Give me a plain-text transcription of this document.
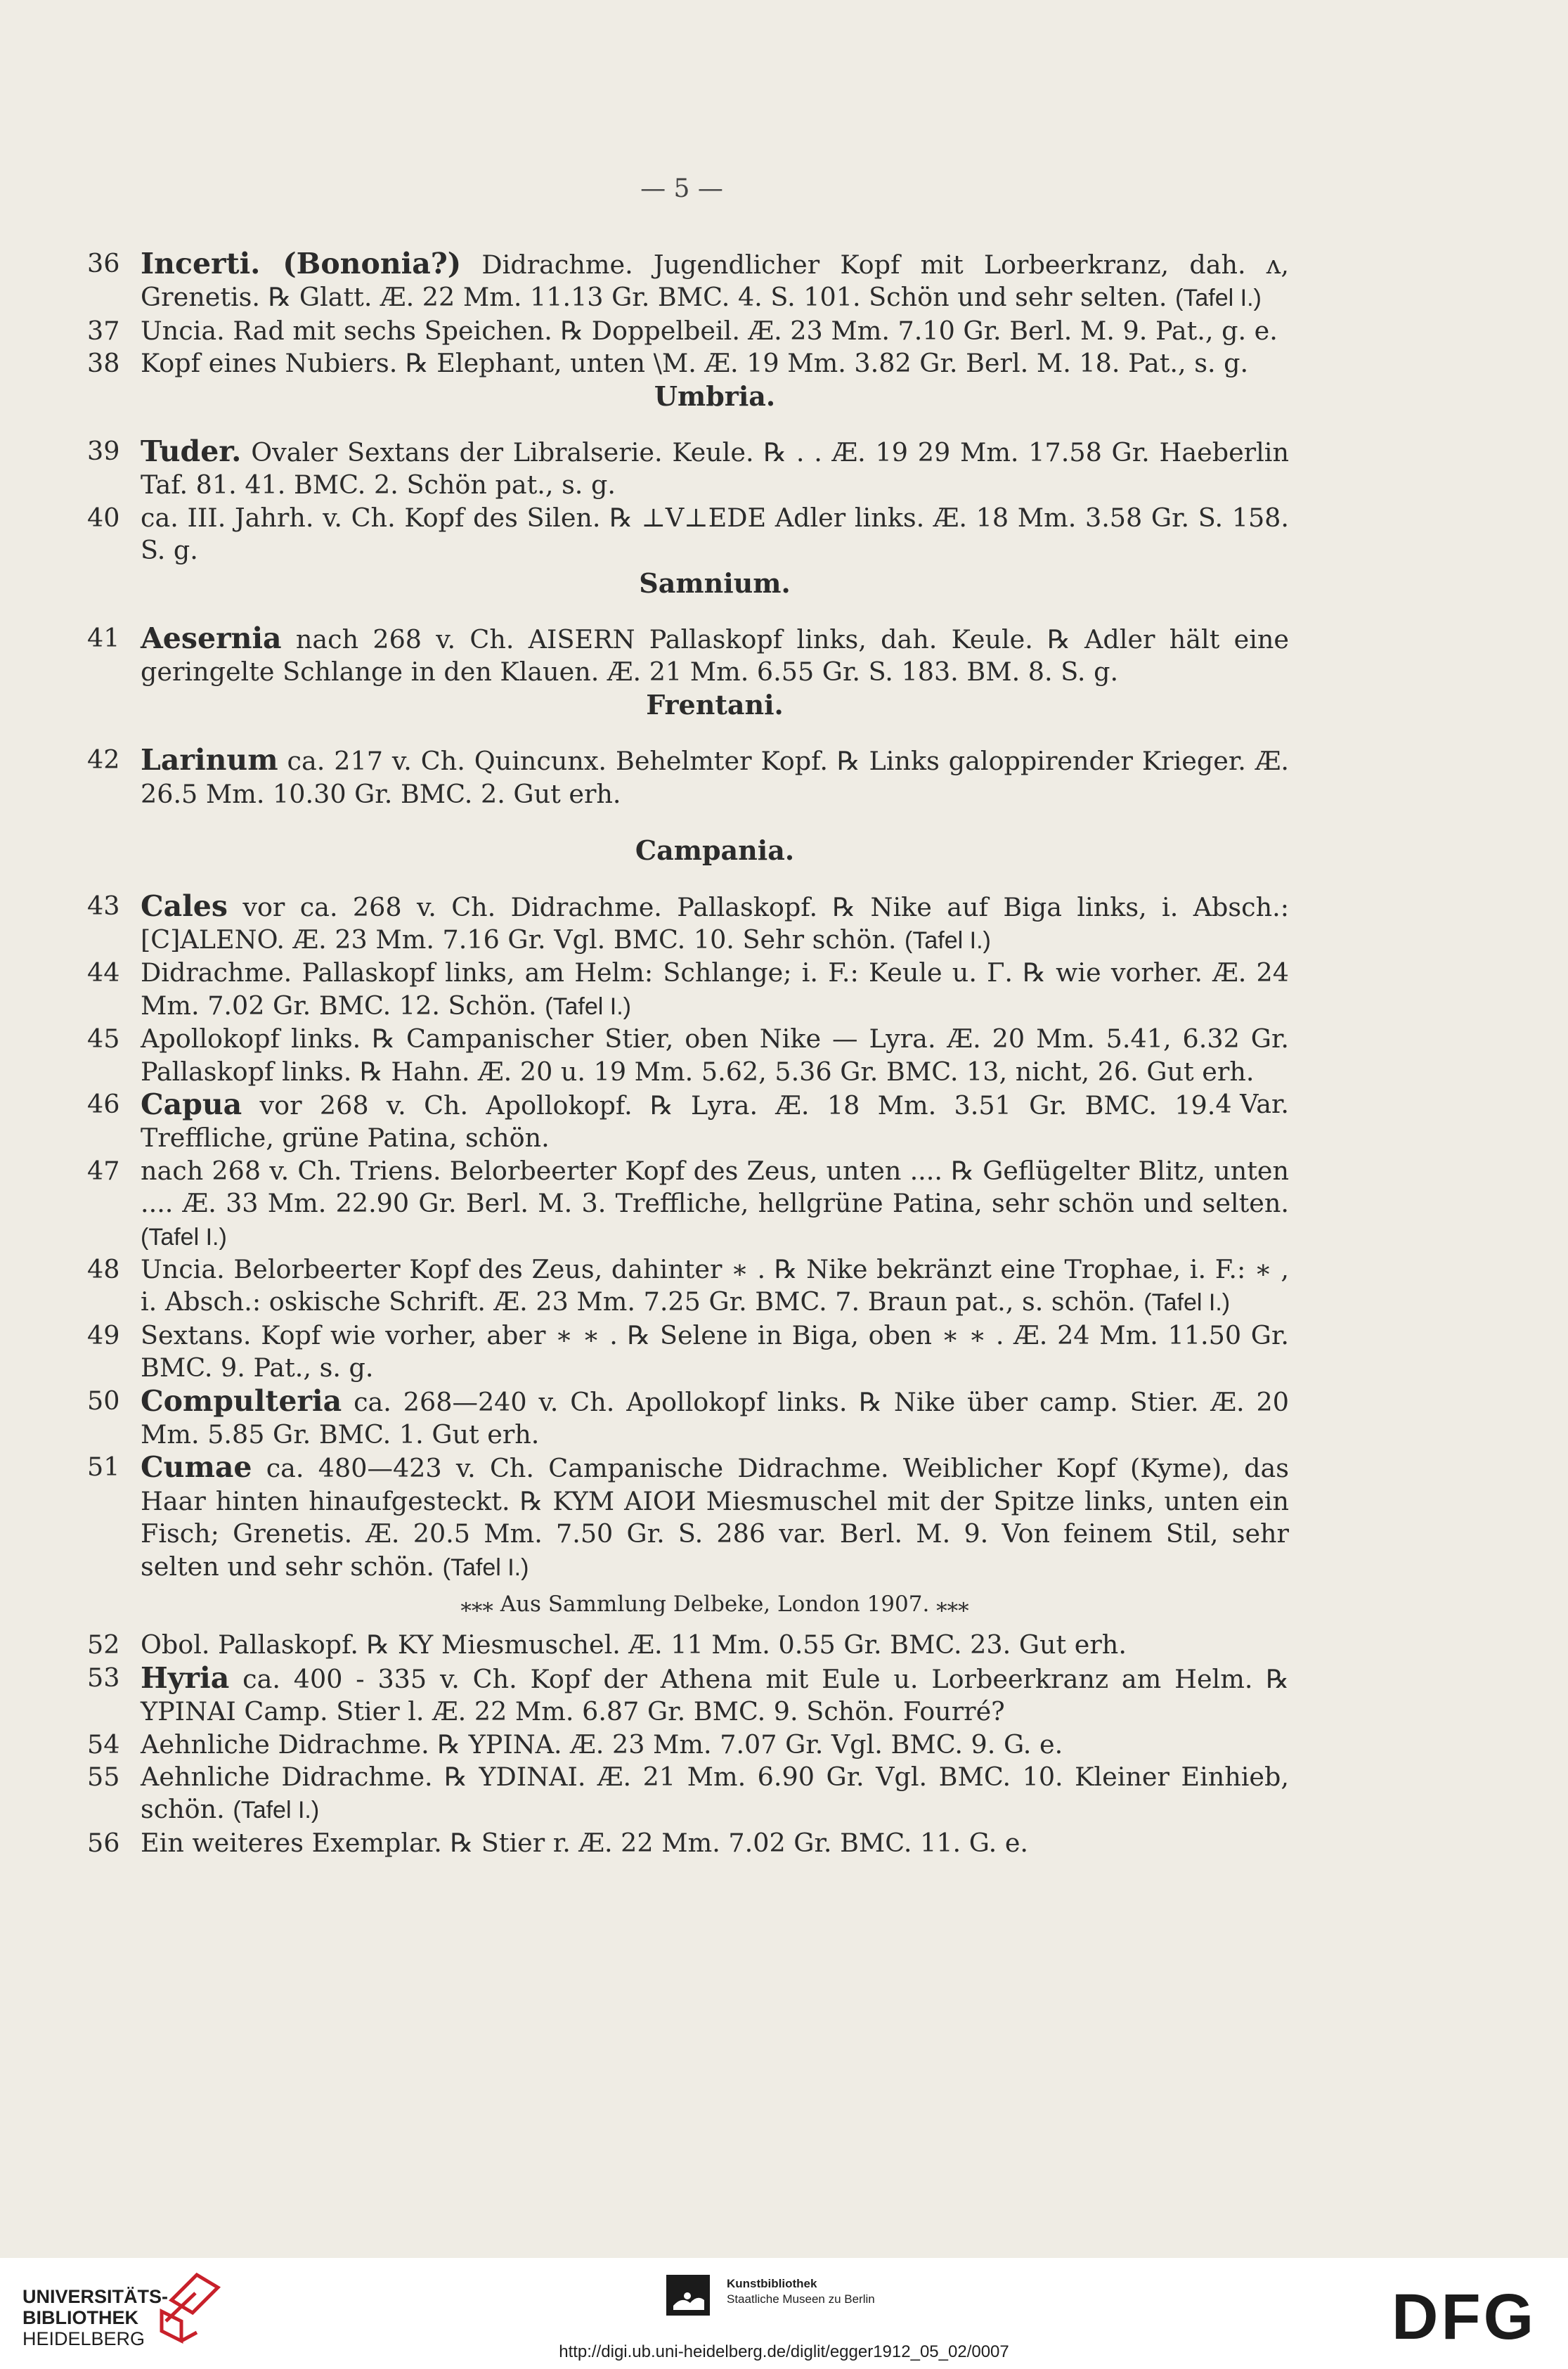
— 5 —
36 Incerti. (Bononia?) Didrachme. Jugendlicher Kopf mit Lorbeerkranz, dah. ʌ, Grenetis. ℞ Glatt. Æ. 22 Mm. 11.13 Gr. BMC. 4. S. 101. Schön und sehr selten. (Tafel I.)
37 Uncia. Rad mit sechs Speichen. ℞ Doppelbeil. Æ. 23 Mm. 7.10 Gr. Berl. M. 9. Pat., g. e.
38 Kopf eines Nubiers. ℞ Elephant, unten \M. Æ. 19 Mm. 3.82 Gr. Berl. M. 18. Pat., s. g.
Umbria.
39 Tuder. Ovaler Sextans der Libralserie. Keule. ℞ . . Æ. 19 29 Mm. 17.58 Gr. Haeberlin Taf. 81. 41. BMC. 2. Schön pat., s. g.
40 ca. III. Jahrh. v. Ch. Kopf des Silen. ℞ ⊥V⊥EDE Adler links. Æ. 18 Mm. 3.58 Gr. S. 158. S. g.
Samnium.
41 Aesernia nach 268 v. Ch. AISERN Pallaskopf links, dah. Keule. ℞ Adler hält eine geringelte Schlange in den Klauen. Æ. 21 Mm. 6.55 Gr. S. 183. BM. 8. S. g.
Frentani.
42 Larinum ca. 217 v. Ch. Quincunx. Behelmter Kopf. ℞ Links galoppirender Krieger. Æ. 26.5 Mm. 10.30 Gr. BMC. 2. Gut erh.
Campania.
43 Cales vor ca. 268 v. Ch. Didrachme. Pallaskopf. ℞ Nike auf Biga links, i. Absch.: [C]ALENO. Æ. 23 Mm. 7.16 Gr. Vgl. BMC. 10. Sehr schön. (Tafel I.)
44 Didrachme. Pallaskopf links, am Helm: Schlange; i. F.: Keule u. Γ. ℞ wie vorher. Æ. 24 Mm. 7.02 Gr. BMC. 12. Schön. (Tafel I.)
45 Apollokopf links. ℞ Campanischer Stier, oben Nike — Lyra. Æ. 20 Mm. 5.41, 6.32 Gr. Pallaskopf links. ℞ Hahn. Æ. 20 u. 19 Mm. 5.62, 5.36 Gr. BMC. 13, nicht, 26. Gut erh.
4 Var.
46 Capua vor 268 v. Ch. Apollokopf. ℞ Lyra. Æ. 18 Mm. 3.51 Gr. BMC. 19. Treffliche, grüne Patina, schön.
47 nach 268 v. Ch. Triens. Belorbeerter Kopf des Zeus, unten .... ℞ Geflügelter Blitz, unten .... Æ. 33 Mm. 22.90 Gr. Berl. M. 3. Treffliche, hellgrüne Patina, sehr schön und selten. (Tafel I.)
48 Uncia. Belorbeerter Kopf des Zeus, dahinter ∗ . ℞ Nike bekränzt eine Trophae, i. F.: ∗ , i. Absch.: oskische Schrift. Æ. 23 Mm. 7.25 Gr. BMC. 7. Braun pat., s. schön. (Tafel I.)
49 Sextans. Kopf wie vorher, aber ∗ ∗ . ℞ Selene in Biga, oben ∗ ∗ . Æ. 24 Mm. 11.50 Gr. BMC. 9. Pat., s. g.
50 Compulteria ca. 268—240 v. Ch. Apollokopf links. ℞ Nike über camp. Stier. Æ. 20 Mm. 5.85 Gr. BMC. 1. Gut erh.
51 Cumae ca. 480—423 v. Ch. Campanische Didrachme. Weiblicher Kopf (Kyme), das Haar hinten hinaufgesteckt. ℞ KYM AIOИ Miesmuschel mit der Spitze links, unten ein Fisch; Grenetis. Æ. 20.5 Mm. 7.50 Gr. S. 286 var. Berl. M. 9. Von feinem Stil, sehr selten und sehr schön. (Tafel I.)
⁎⁎⁎ Aus Sammlung Delbeke, London 1907. ⁎⁎⁎
52 Obol. Pallaskopf. ℞ KY Miesmuschel. Æ. 11 Mm. 0.55 Gr. BMC. 23. Gut erh.
53 Hyria ca. 400 - 335 v. Ch. Kopf der Athena mit Eule u. Lorbeerkranz am Helm. ℞ YPINAI Camp. Stier l. Æ. 22 Mm. 6.87 Gr. BMC. 9. Schön. Fourré?
54 Aehnliche Didrachme. ℞ YPINA. Æ. 23 Mm. 7.07 Gr. Vgl. BMC. 9. G. e.
55 Aehnliche Didrachme. ℞ YDINAI. Æ. 21 Mm. 6.90 Gr. Vgl. BMC. 10. Kleiner Einhieb, schön. (Tafel I.)
56 Ein weiteres Exemplar. ℞ Stier r. Æ. 22 Mm. 7.02 Gr. BMC. 11. G. e.
UNIVERSITÄTS-
BIBLIOTHEK
HEIDELBERG
Kunstbibliothek
Staatliche Museen zu Berlin	DFG
http://digi.ub.uni-heidelberg.de/diglit/egger1912_05_02/0007
